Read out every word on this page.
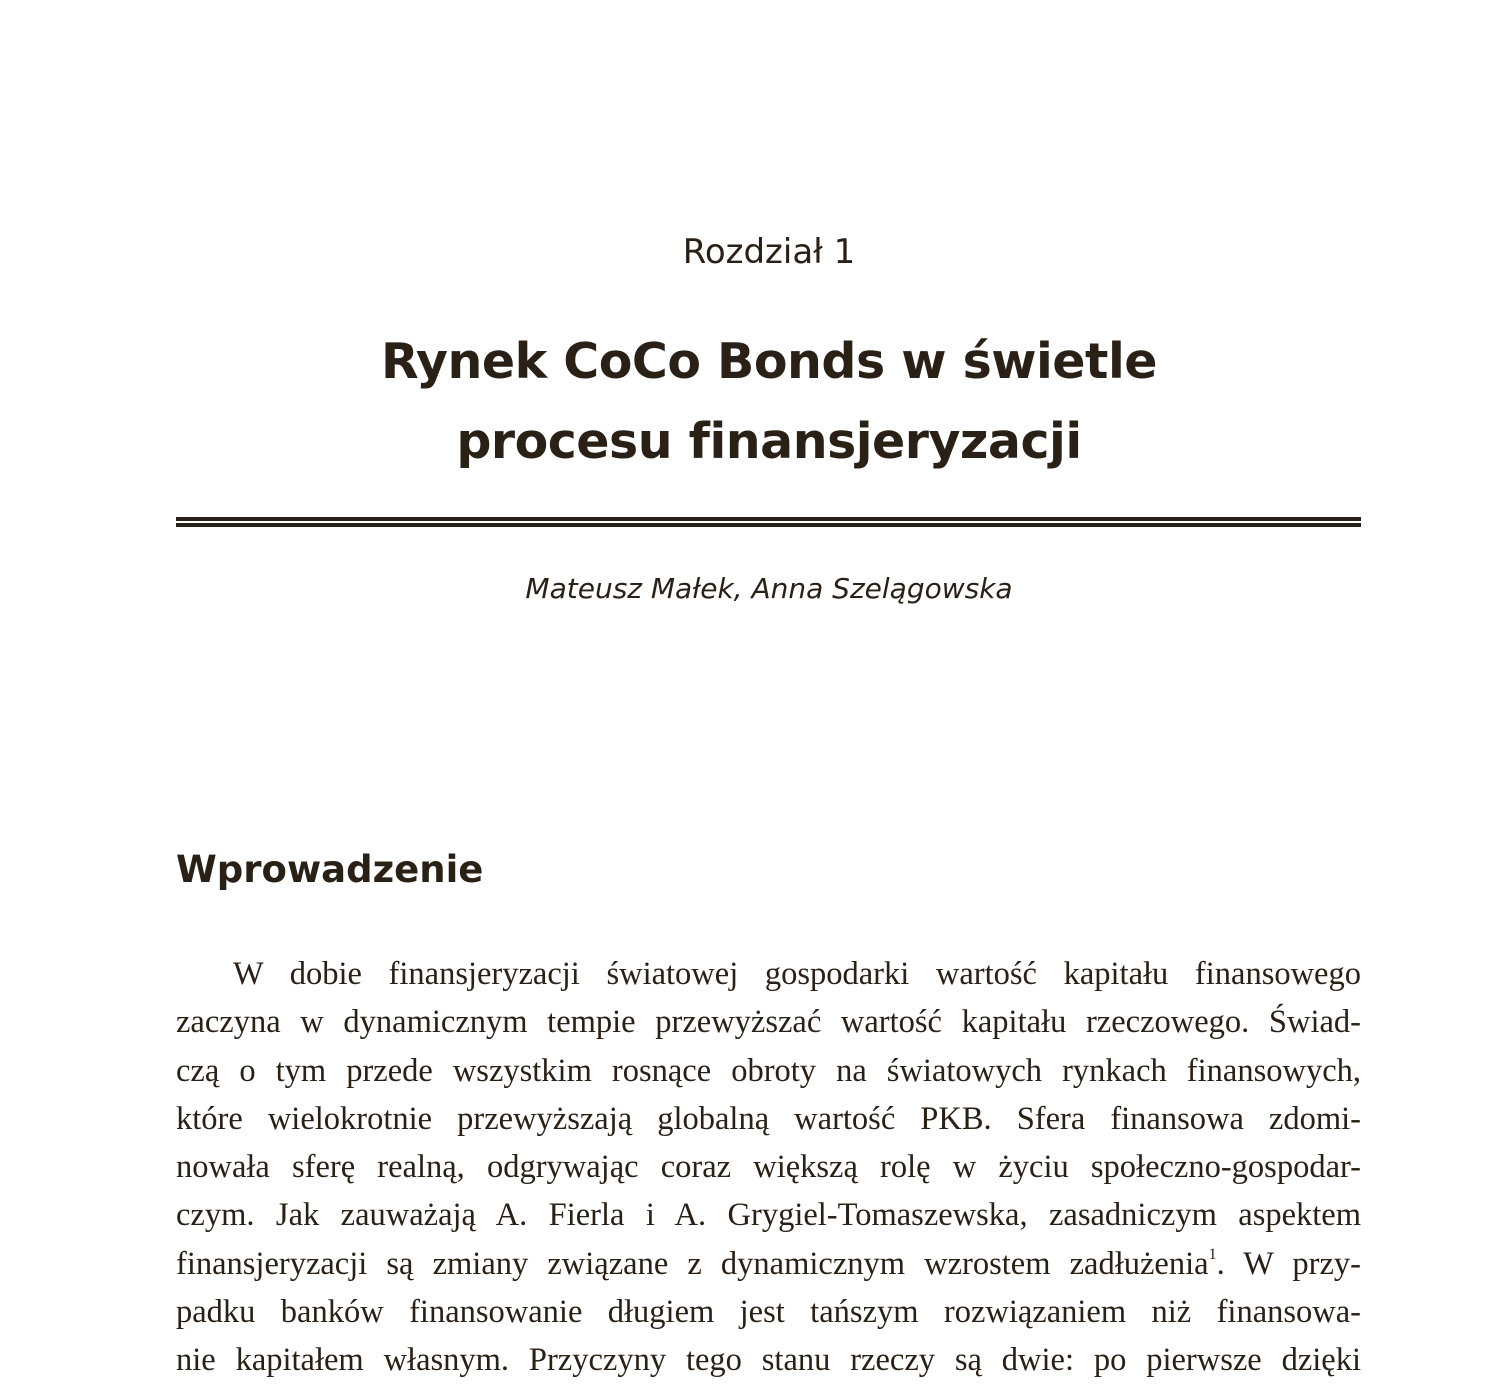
Rozdział 1
Rynek CoCo Bonds w świetle
procesu finansjeryzacji
Mateusz Małek, Anna Szelągowska
Wprowadzenie
W dobie finansjeryzacji światowej gospodarki wartość kapitału finansowego
zaczyna w dynamicznym tempie przewyższać wartość kapitału rzeczowego. Świad-
czą o tym przede wszystkim rosnące obroty na światowych rynkach finansowych,
które wielokrotnie przewyższają globalną wartość PKB. Sfera finansowa zdomi-
nowała sferę realną, odgrywając coraz większą rolę w życiu społeczno-gospodar-
czym. Jak zauważają A. Fierla i A. Grygiel-Tomaszewska, zasadniczym aspektem
finansjeryzacji są zmiany związane z dynamicznym wzrostem zadłużenia$^1$. W przy-
padku banków finansowanie długiem jest tańszym rozwiązaniem niż finansowa-
nie kapitałem własnym. Przyczyny tego stanu rzeczy są dwie: po pierwsze dzięki
